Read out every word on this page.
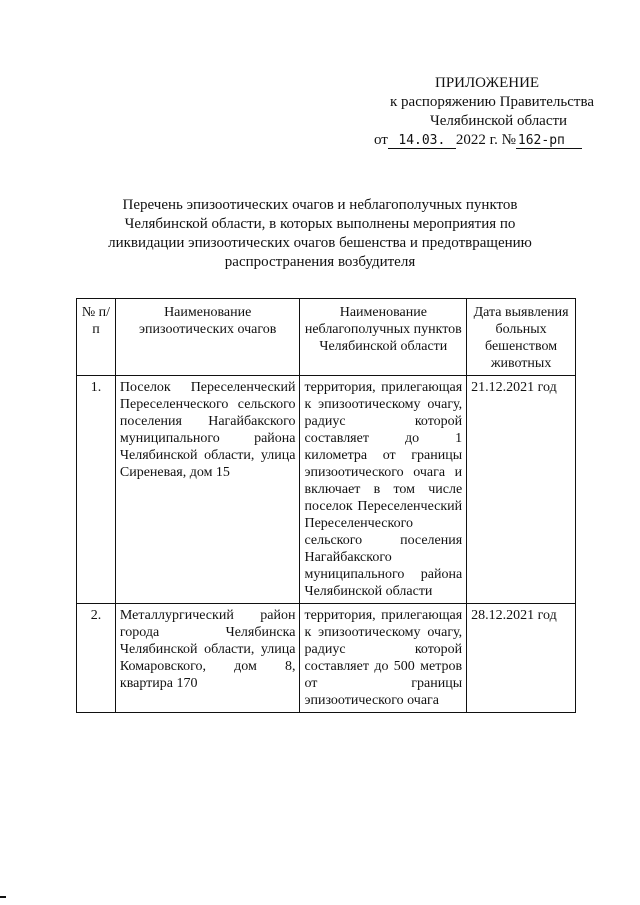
ПРИЛОЖЕНИЕ
к распоряжению Правительства
Челябинской области
от 14.03. 2022 г. № 162-рп
Перечень эпизоотических очагов и неблагополучных пунктов Челябинской области, в которых выполнены мероприятия по ликвидации эпизоотических очагов бешенства и предотвращению распространения возбудителя
№ п/п	Наименование эпизоотических очагов	Наименование неблагополучных пунктов Челябинской области	Дата выявления больных бешенством животных
1.	Поселок Переселенческий Переселенческого сельского поселения Нагайбакского муниципального района Челябинской области, улица Сиреневая, дом 15	территория, прилегающая к эпизоотическому очагу, радиус которой составляет до 1 километра от границы эпизоотического очага и включает в том числе поселок Переселенческий Переселенческого сельского поселения Нагайбакского муниципального района Челябинской области	21.12.2021 год
2.	Металлургический район города Челябинска Челябинской области, улица Комаровского, дом 8, квартира 170	территория, прилегающая к эпизоотическому очагу, радиус которой составляет до 500 метров от границы эпизоотического очага	28.12.2021 год
